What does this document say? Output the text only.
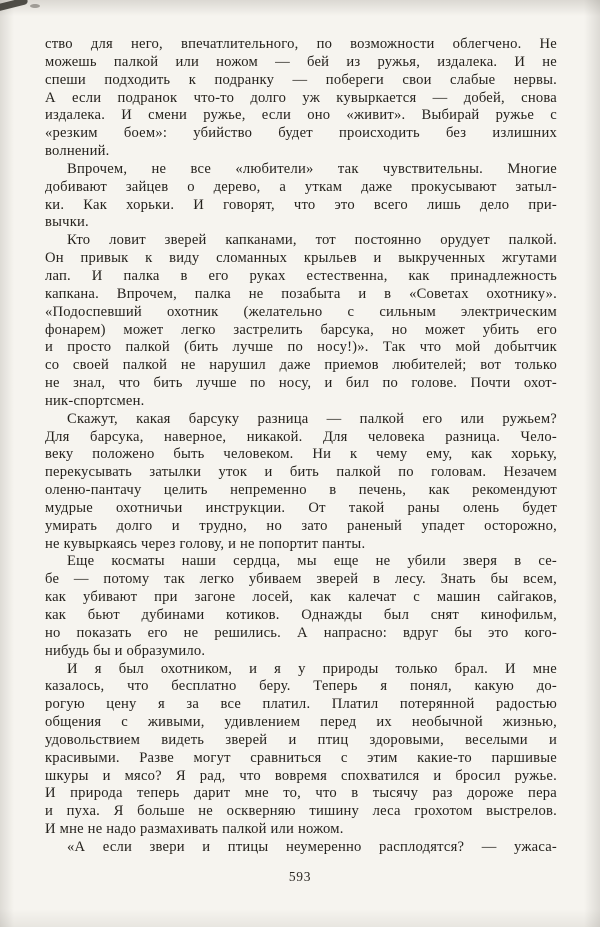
ство для него, впечатлительного, по возможности облегчено. Не
можешь палкой или ножом — бей из ружья, издалека. И не
спеши подходить к подранку — побереги свои слабые нервы.
А если подранок что-то долго уж кувыркается — добей, снова
издалека. И смени ружье, если оно «живит». Выбирай ружье с
«резким боем»: убийство будет происходить без излишних
волнений.
Впрочем, не все «любители» так чувствительны. Многие
добивают зайцев о дерево, а уткам даже прокусывают затыл-
ки. Как хорьки. И говорят, что это всего лишь дело при-
вычки.
Кто ловит зверей капканами, тот постоянно орудует палкой.
Он привык к виду сломанных крыльев и выкрученных жгутами
лап. И палка в его руках естественна, как принадлежность
капкана. Впрочем, палка не позабыта и в «Советах охотнику».
«Подоспевший охотник (желательно с сильным электрическим
фонарем) может легко застрелить барсука, но может убить его
и просто палкой (бить лучше по носу!)». Так что мой добытчик
со своей палкой не нарушил даже приемов любителей; вот только
не знал, что бить лучше по носу, и бил по голове. Почти охот-
ник-спортсмен.
Скажут, какая барсуку разница — палкой его или ружьем?
Для барсука, наверное, никакой. Для человека разница. Чело-
веку положено быть человеком. Ни к чему ему, как хорьку,
перекусывать затылки уток и бить палкой по головам. Незачем
оленю-пантачу целить непременно в печень, как рекомендуют
мудрые охотничьи инструкции. От такой раны олень будет
умирать долго и трудно, но зато раненый упадет осторожно,
не кувыркаясь через голову, и не попортит панты.
Еще косматы наши сердца, мы еще не убили зверя в се-
бе — потому так легко убиваем зверей в лесу. Знать бы всем,
как убивают при загоне лосей, как калечат с машин сайгаков,
как бьют дубинами котиков. Однажды был снят кинофильм,
но показать его не решились. А напрасно: вдруг бы это кого-
нибудь бы и образумило.
И я был охотником, и я у природы только брал. И мне
казалось, что бесплатно беру. Теперь я понял, какую до-
рогую цену я за все платил. Платил потерянной радостью
общения с живыми, удивлением перед их необычной жизнью,
удовольствием видеть зверей и птиц здоровыми, веселыми и
красивыми. Разве могут сравниться с этим какие-то паршивые
шкуры и мясо? Я рад, что вовремя спохватился и бросил ружье.
И природа теперь дарит мне то, что в тысячу раз дороже пера
и пуха. Я больше не оскверняю тишину леса грохотом выстрелов.
И мне не надо размахивать палкой или ножом.
«А если звери и птицы неумеренно расплодятся? — ужаса-
593
